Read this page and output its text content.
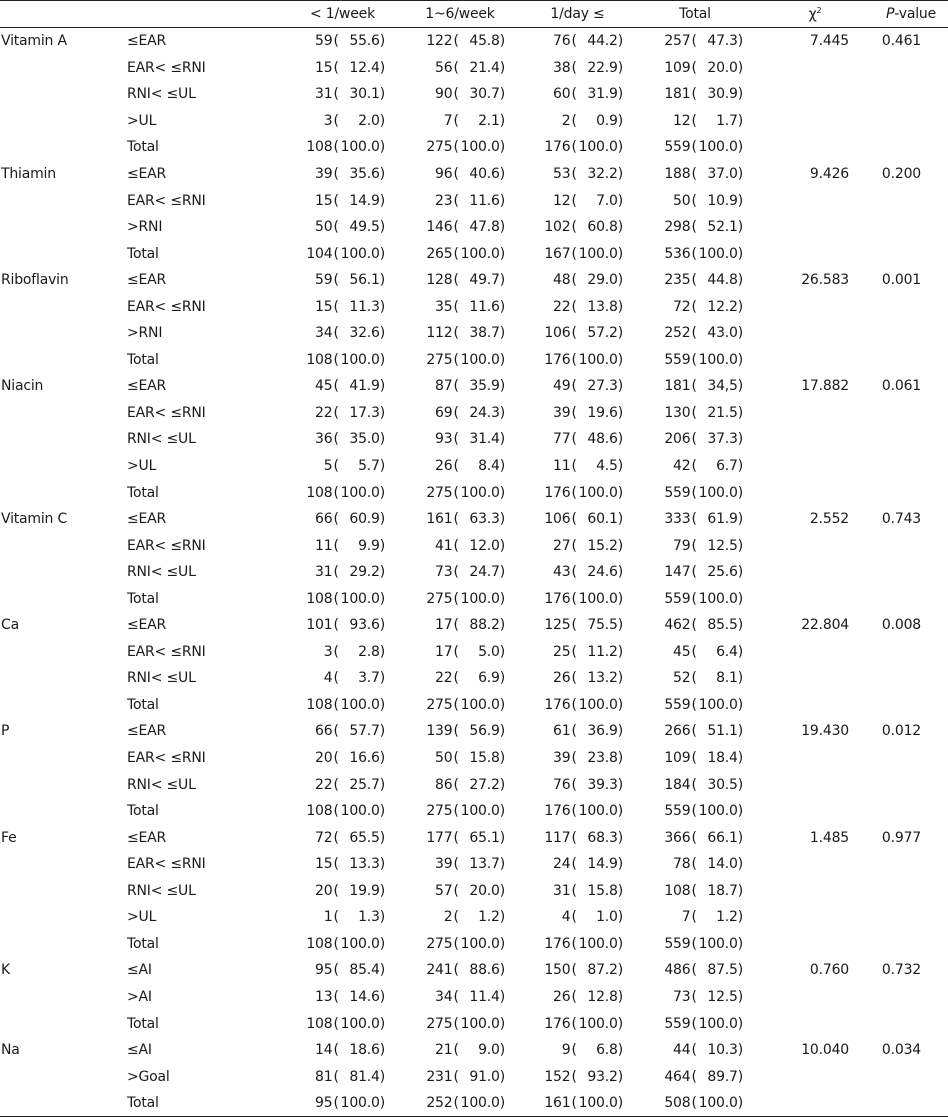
		< 1/week	1~6/week	1/day ≤	Total	$\chi^2$	P-value
Vitamin A	≤EAR	59( 55.6)	122( 45.8)	76( 44.2)	257( 47.3)	7.445	0.461
	EAR< ≤RNI	15( 12.4)	56( 21.4)	38( 22.9)	109( 20.0)		
	RNI< ≤UL	31( 30.1)	90( 30.7)	60( 31.9)	181( 30.9)		
	>UL	3( 2.0)	7( 2.1)	2( 0.9)	12( 1.7)		
	Total	108( 100.0)	275( 100.0)	176( 100.0)	559( 100.0)		
Thiamin	≤EAR	39( 35.6)	96( 40.6)	53( 32.2)	188( 37.0)	9.426	0.200
	EAR< ≤RNI	15( 14.9)	23( 11.6)	12( 7.0)	50( 10.9)		
	>RNI	50( 49.5)	146( 47.8)	102( 60.8)	298( 52.1)		
	Total	104( 100.0)	265( 100.0)	167( 100.0)	536( 100.0)		
Riboflavin	≤EAR	59( 56.1)	128( 49.7)	48( 29.0)	235( 44.8)	26.583	0.001
	EAR< ≤RNI	15( 11.3)	35( 11.6)	22( 13.8)	72( 12.2)		
	>RNI	34( 32.6)	112( 38.7)	106( 57.2)	252( 43.0)		
	Total	108( 100.0)	275( 100.0)	176( 100.0)	559( 100.0)		
Niacin	≤EAR	45( 41.9)	87( 35.9)	49( 27.3)	181( 34,5)	17.882	0.061
	EAR< ≤RNI	22( 17.3)	69( 24.3)	39( 19.6)	130( 21.5)		
	RNI< ≤UL	36( 35.0)	93( 31.4)	77( 48.6)	206( 37.3)		
	>UL	5( 5.7)	26( 8.4)	11( 4.5)	42( 6.7)		
	Total	108( 100.0)	275( 100.0)	176( 100.0)	559( 100.0)		
Vitamin C	≤EAR	66( 60.9)	161( 63.3)	106( 60.1)	333( 61.9)	2.552	0.743
	EAR< ≤RNI	11( 9.9)	41( 12.0)	27( 15.2)	79( 12.5)		
	RNI< ≤UL	31( 29.2)	73( 24.7)	43( 24.6)	147( 25.6)		
	Total	108( 100.0)	275( 100.0)	176( 100.0)	559( 100.0)		
Ca	≤EAR	101( 93.6)	17( 88.2)	125( 75.5)	462( 85.5)	22.804	0.008
	EAR< ≤RNI	3( 2.8)	17( 5.0)	25( 11.2)	45( 6.4)		
	RNI< ≤UL	4( 3.7)	22( 6.9)	26( 13.2)	52( 8.1)		
	Total	108( 100.0)	275( 100.0)	176( 100.0)	559( 100.0)		
P	≤EAR	66( 57.7)	139( 56.9)	61( 36.9)	266( 51.1)	19.430	0.012
	EAR< ≤RNI	20( 16.6)	50( 15.8)	39( 23.8)	109( 18.4)		
	RNI< ≤UL	22( 25.7)	86( 27.2)	76( 39.3)	184( 30.5)		
	Total	108( 100.0)	275( 100.0)	176( 100.0)	559( 100.0)		
Fe	≤EAR	72( 65.5)	177( 65.1)	117( 68.3)	366( 66.1)	1.485	0.977
	EAR< ≤RNI	15( 13.3)	39( 13.7)	24( 14.9)	78( 14.0)		
	RNI< ≤UL	20( 19.9)	57( 20.0)	31( 15.8)	108( 18.7)		
	>UL	1( 1.3)	2( 1.2)	4( 1.0)	7( 1.2)		
	Total	108( 100.0)	275( 100.0)	176( 100.0)	559( 100.0)		
K	≤AI	95( 85.4)	241( 88.6)	150( 87.2)	486( 87.5)	0.760	0.732
	>AI	13( 14.6)	34( 11.4)	26( 12.8)	73( 12.5)		
	Total	108( 100.0)	275( 100.0)	176( 100.0)	559( 100.0)		
Na	≤AI	14( 18.6)	21( 9.0)	9( 6.8)	44( 10.3)	10.040	0.034
	>Goal	81( 81.4)	231( 91.0)	152( 93.2)	464( 89.7)		
	Total	95( 100.0)	252( 100.0)	161( 100.0)	508( 100.0)		
